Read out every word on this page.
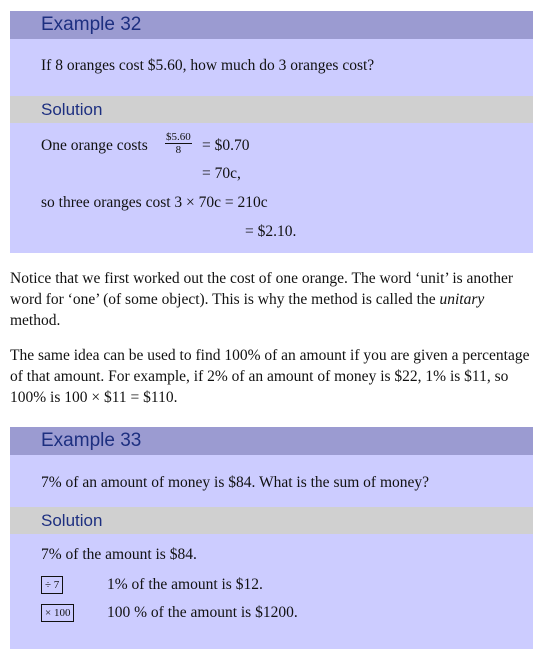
Example 32
If 8 oranges cost $5.60, how much do 3 oranges cost?
Solution
One orange costs $\frac{\$5.60}{8}$ = $0.70
= 70c,
so three oranges cost 3 × 70c = 210c
= $2.10.

Notice that we first worked out the cost of one orange. The word ‘unit’ is another word for ‘one’ (of some object). This is why the method is called the unitary method.

The same idea can be used to find 100% of an amount if you are given a percentage of that amount. For example, if 2% of an amount of money is $22, 1% is $11, so 100% is 100 × $11 = $110.

Example 33
7% of an amount of money is $84. What is the sum of money?
Solution
7% of the amount is $84.
÷ 7	1% of the amount is $12.
× 100 100 % of the amount is $1200.
